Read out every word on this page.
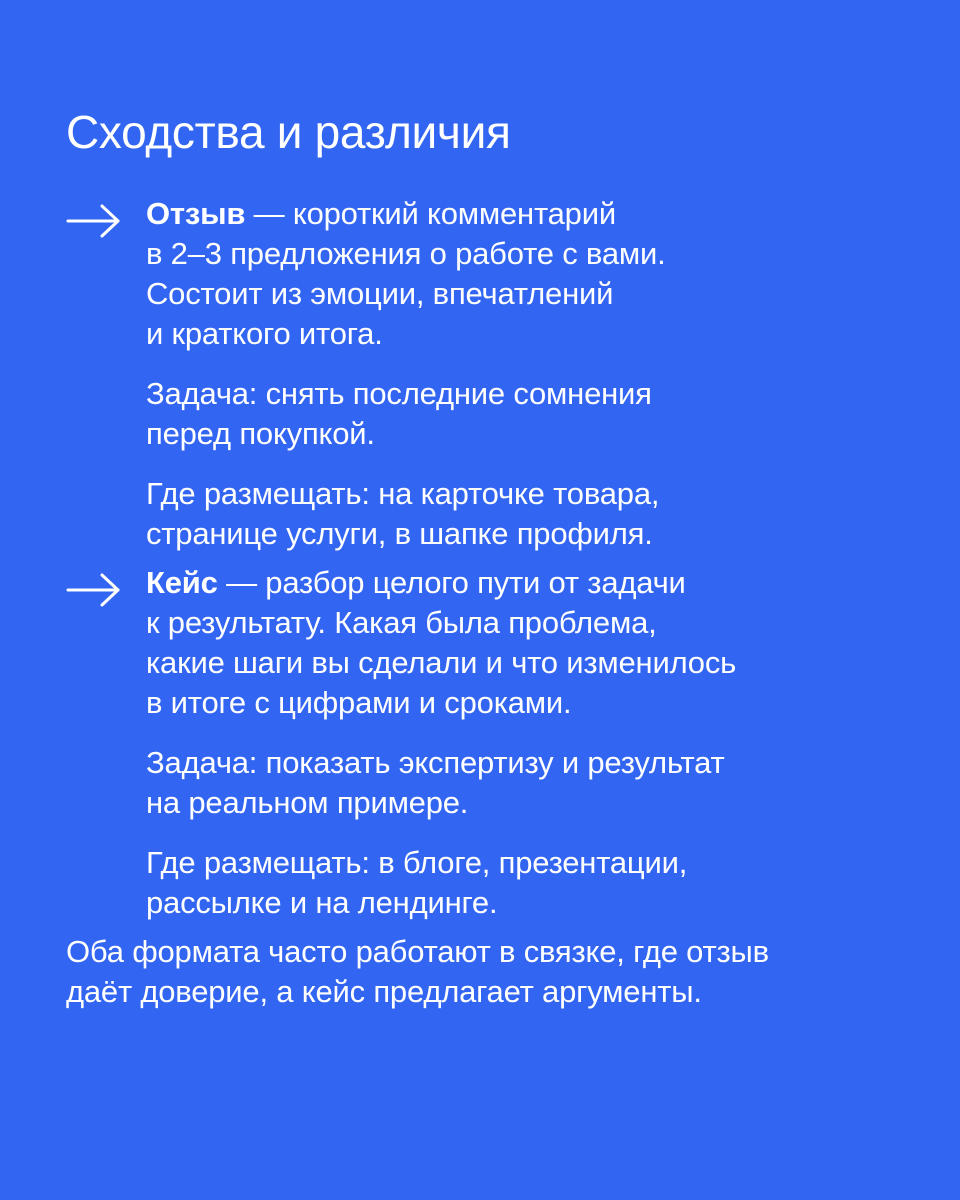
Сходства и различия

Отзыв — короткий комментарий
в 2–3 предложения о работе с вами.
Состоит из эмоции, впечатлений
и краткого итога.

Задача: снять последние сомнения
перед покупкой.

Где размещать: на карточке товара,
странице услуги, в шапке профиля.

Кейс — разбор целого пути от задачи
к результату. Какая была проблема,
какие шаги вы сделали и что изменилось
в итоге с цифрами и сроками.

Задача: показать экспертизу и результат
на реальном примере.

Где размещать: в блоге, презентации,
рассылке и на лендинге.

Оба формата часто работают в связке, где отзыв
даёт доверие, а кейс предлагает аргументы.
